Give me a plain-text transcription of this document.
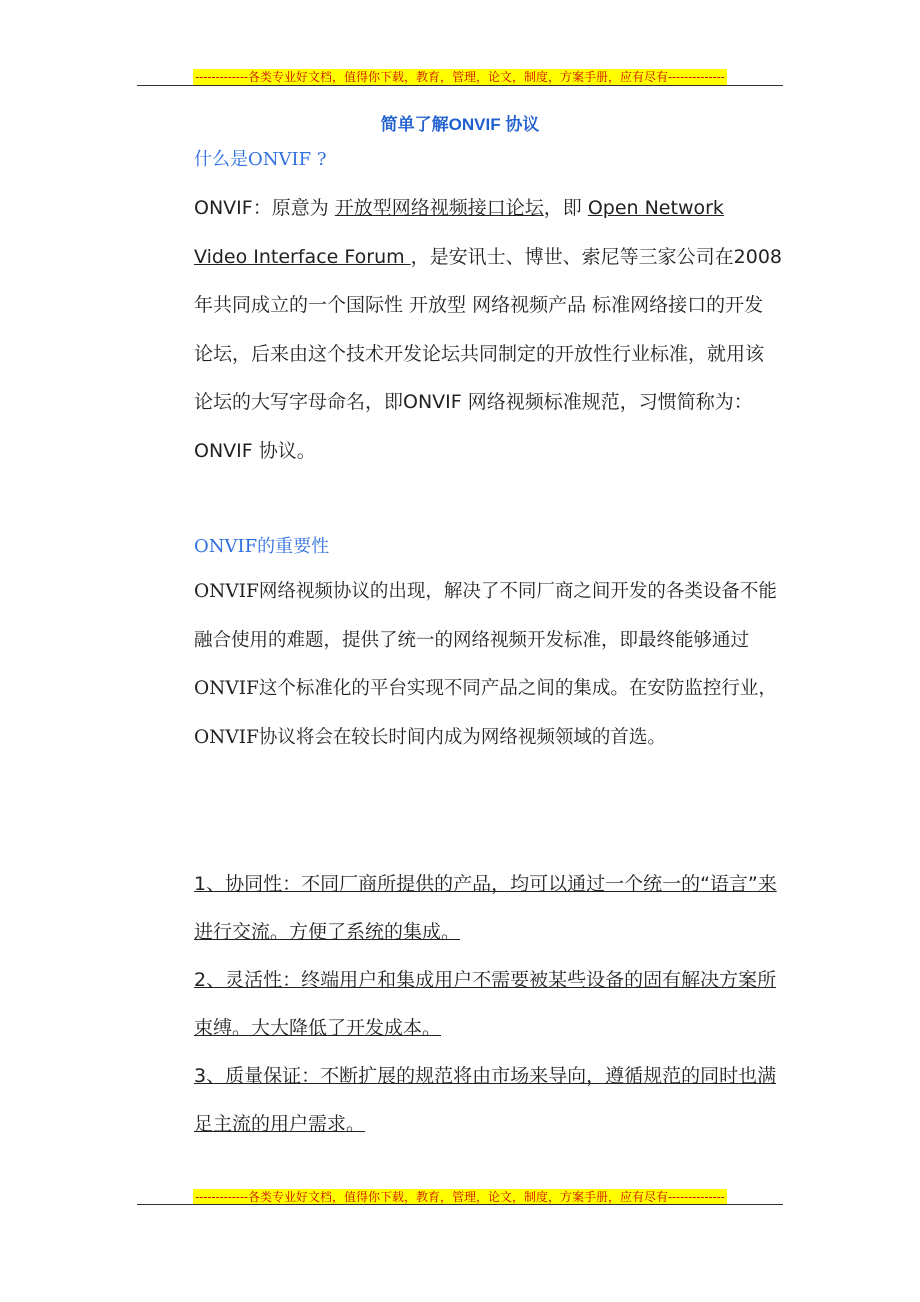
-------------各类专业好文档，值得你下载，教育，管理，论文，制度，方案手册，应有尽有--------------
简单了解ONVIF 协议
什么是ONVIF ?

ONVIF：原意为 开放型网络视频接口论坛，即 Open Network Video Interface Forum ，是安讯士、博世、索尼等三家公司在2008年共同成立的一个国际性 开放型 网络视频产品 标准网络接口的开发论坛，后来由这个技术开发论坛共同制定的开放性行业标准，就用该论坛的大写字母命名，即ONVIF 网络视频标准规范，习惯简称为：ONVIF 协议。

ONVIF的重要性

ONVIF网络视频协议的出现，解决了不同厂商之间开发的各类设备不能融合使用的难题，提供了统一的网络视频开发标准，即最终能够通过ONVIF这个标准化的平台实现不同产品之间的集成。在安防监控行业，ONVIF协议将会在较长时间内成为网络视频领域的首选。

1、协同性：不同厂商所提供的产品，均可以通过一个统一的“语言”来进行交流。方便了系统的集成。

2、灵活性：终端用户和集成用户不需要被某些设备的固有解决方案所束缚。大大降低了开发成本。

3、质量保证：不断扩展的规范将由市场来导向，遵循规范的同时也满足主流的用户需求。

-------------各类专业好文档，值得你下载，教育，管理，论文，制度，方案手册，应有尽有--------------
